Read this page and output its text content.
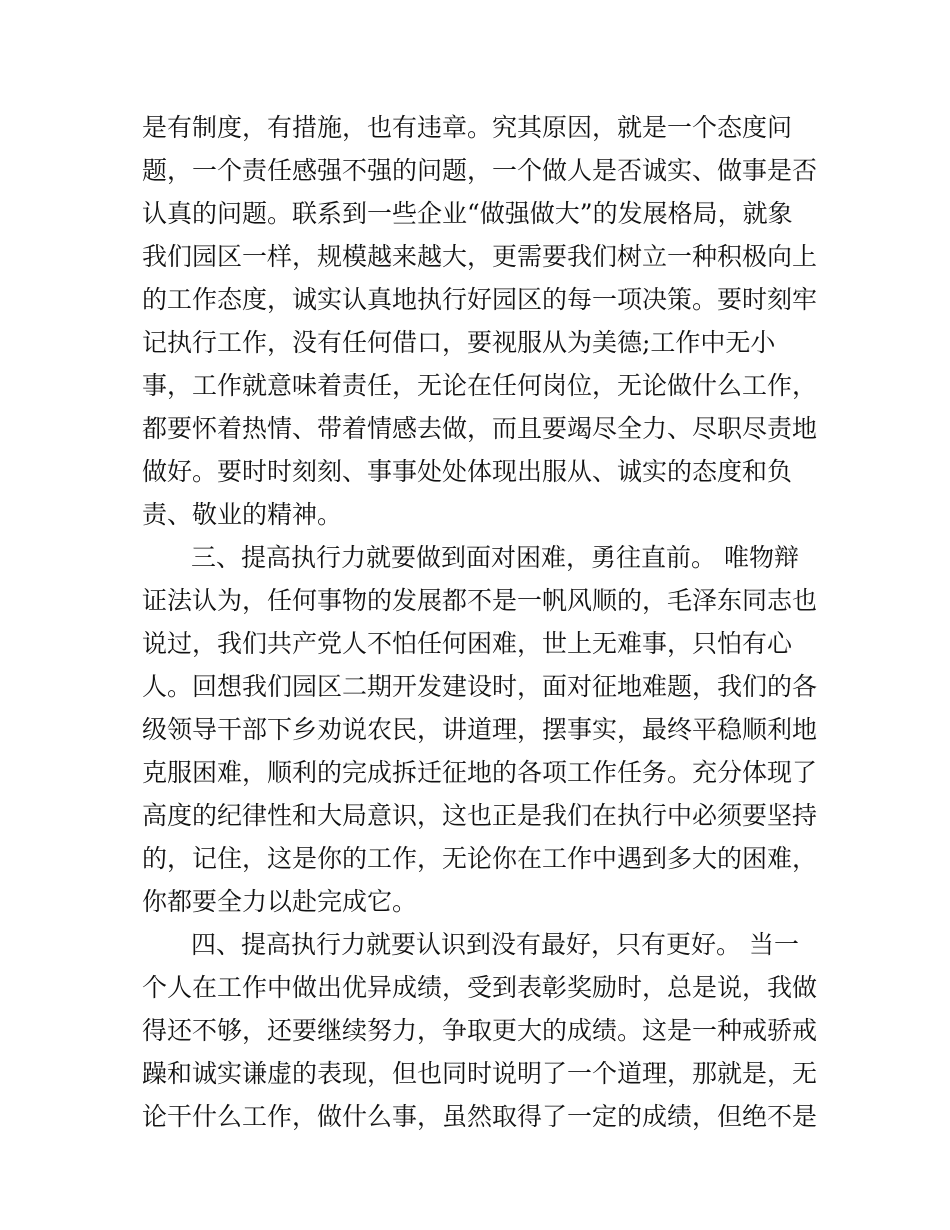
是有制度，有措施，也有违章。究其原因，就是一个态度问
题，一个责任感强不强的问题，一个做人是否诚实、做事是否
认真的问题。联系到一些企业“做强做大”的发展格局，就象
我们园区一样，规模越来越大，更需要我们树立一种积极向上
的工作态度，诚实认真地执行好园区的每一项决策。要时刻牢
记执行工作，没有任何借口，要视服从为美德;工作中无小
事，工作就意味着责任，无论在任何岗位，无论做什么工作，
都要怀着热情、带着情感去做，而且要竭尽全力、尽职尽责地
做好。要时时刻刻、事事处处体现出服从、诚实的态度和负
责、敬业的精神。
三、提高执行力就要做到面对困难，勇往直前。 唯物辩
证法认为，任何事物的发展都不是一帆风顺的，毛泽东同志也
说过，我们共产党人不怕任何困难，世上无难事，只怕有心
人。回想我们园区二期开发建设时，面对征地难题，我们的各
级领导干部下乡劝说农民，讲道理，摆事实，最终平稳顺利地
克服困难，顺利的完成拆迁征地的各项工作任务。充分体现了
高度的纪律性和大局意识，这也正是我们在执行中必须要坚持
的，记住，这是你的工作，无论你在工作中遇到多大的困难，
你都要全力以赴完成它。
四、提高执行力就要认识到没有最好，只有更好。 当一
个人在工作中做出优异成绩，受到表彰奖励时，总是说，我做
得还不够，还要继续努力，争取更大的成绩。这是一种戒骄戒
躁和诚实谦虚的表现，但也同时说明了一个道理，那就是，无
论干什么工作，做什么事，虽然取得了一定的成绩，但绝不是
